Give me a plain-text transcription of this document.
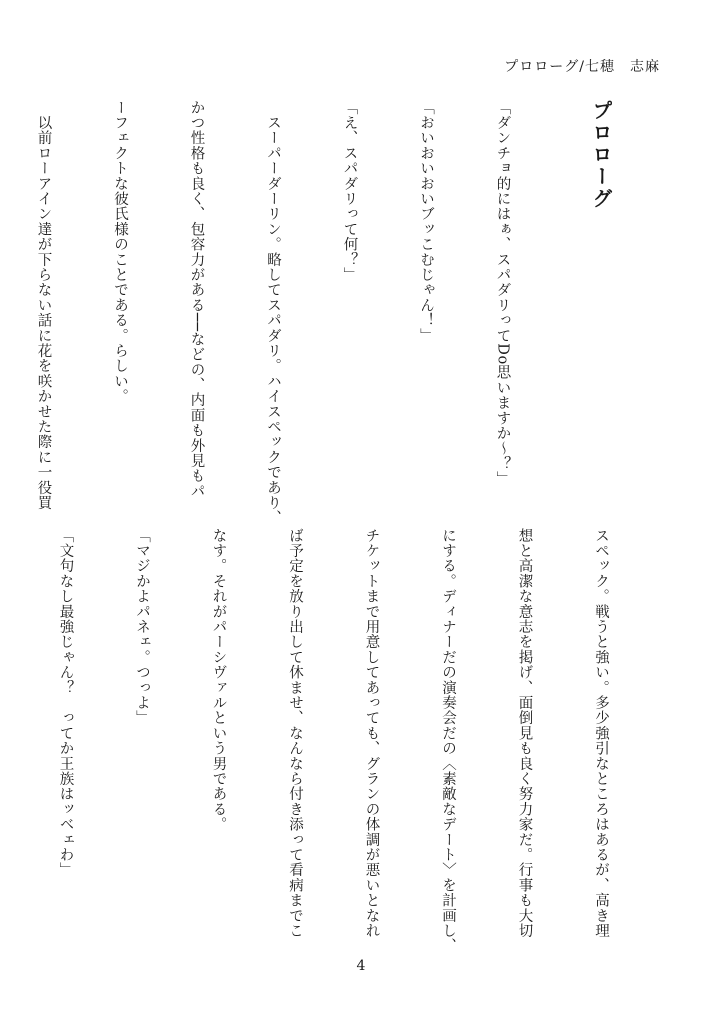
プロローグ/七穂　志麻

プロローグ

「ダンチョ的にはぁ、スパダリってDo思いますか〜？」

「おいおいおいブッこむじゃん！」

「え、スパダリって何？」

　スーパーダーリン。略してスパダリ。ハイスペックであり、

かつ性格も良く、包容力がある──などの、内面も外見もパ

ーフェクトな彼氏様のことである。らしい。

　以前ローアイン達が下らない話に花を咲かせた際に一役買

スペック。戦うと強い。多少強引なところはあるが、高き理

想と高潔な意志を掲げ、面倒見も良く努力家だ。行事も大切

にする。ディナーだの演奏会だの〈素敵なデート〉を計画し、

チケットまで用意してあっても、グランの体調が悪いとなれ

ば予定を放り出して休ませ、なんなら付き添って看病までこ

なす。それがパーシヴァルという男である。

「マジかよパネェ。つっよ」

「文句なし最強じゃん？　ってか王族はッベェわ」

4
